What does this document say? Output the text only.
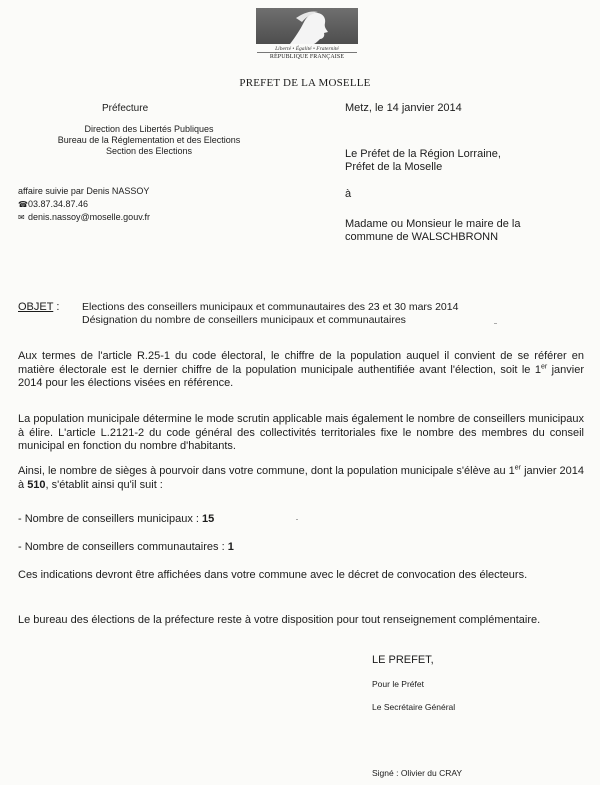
Liberté • Égalité • Fraternité
RÉPUBLIQUE FRANÇAISE
PREFET DE LA MOSELLE
Préfecture
Direction des Libertés Publiques
Bureau de la Réglementation et des Elections
Section des Elections
affaire suivie par Denis NASSOY
☎03.87.34.87.46
✉ denis.nassoy@moselle.gouv.fr
Metz, le 14 janvier 2014
Le Préfet de la Région Lorraine,
Préfet de la Moselle
à
Madame ou Monsieur le maire de la
commune de WALSCHBRONN
OBJET : Elections des conseillers municipaux et communautaires des 23 et 30 mars 2014
Désignation du nombre de conseillers municipaux et communautaires
Aux termes de l'article R.25-1 du code électoral, le chiffre de la population auquel il convient de se référer en matière électorale est le dernier chiffre de la population municipale authentifiée avant l'élection, soit le 1er janvier 2014 pour les élections visées en référence.
La population municipale détermine le mode scrutin applicable mais également le nombre de conseillers municipaux à élire. L'article L.2121-2 du code général des collectivités territoriales fixe le nombre des membres du conseil municipal en fonction du nombre d'habitants.
Ainsi, le nombre de sièges à pourvoir dans votre commune, dont la population municipale s'élève au 1er janvier 2014 à 510, s'établit ainsi qu'il suit :
- Nombre de conseillers municipaux : 15
- Nombre de conseillers communautaires : 1
Ces indications devront être affichées dans votre commune avec le décret de convocation des électeurs.
Le bureau des élections de la préfecture reste à votre disposition pour tout renseignement complémentaire.
LE PREFET,
Pour le Préfet
Le Secrétaire Général
Signé : Olivier du CRAY
